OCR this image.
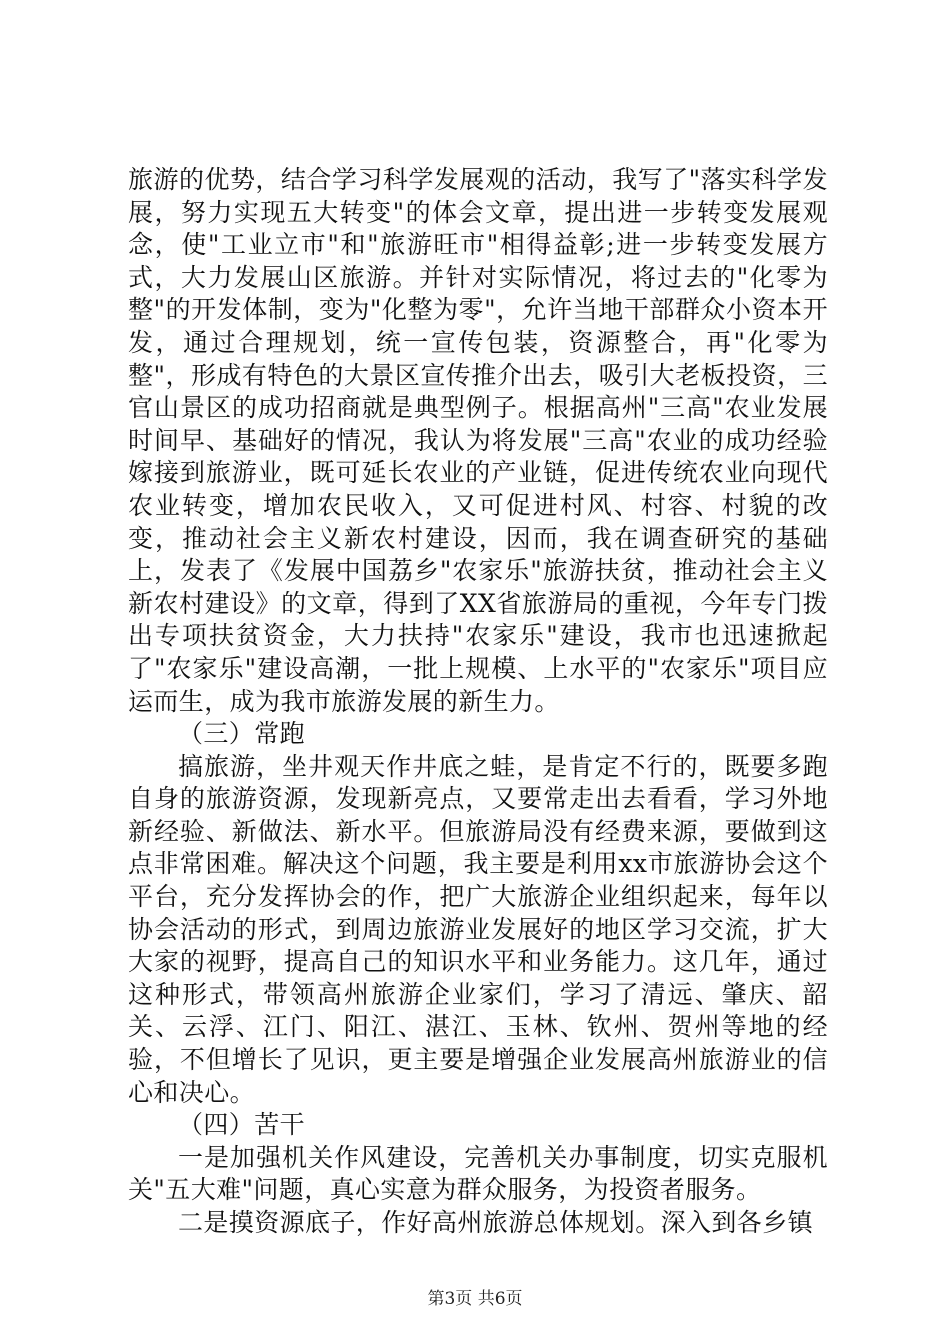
旅游的优势，结合学习科学发展观的活动，我写了"落实科学发展，努力实现五大转变"的体会文章，提出进一步转变发展观念，使"工业立市"和"旅游旺市"相得益彰;进一步转变发展方式，大力发展山区旅游。并针对实际情况，将过去的"化零为整"的开发体制，变为"化整为零"，允许当地干部群众小资本开发，通过合理规划，统一宣传包装，资源整合，再"化零为整"，形成有特色的大景区宣传推介出去，吸引大老板投资，三官山景区的成功招商就是典型例子。根据高州"三高"农业发展时间早、基础好的情况，我认为将发展"三高"农业的成功经验嫁接到旅游业，既可延长农业的产业链，促进传统农业向现代农业转变，增加农民收入，又可促进村风、村容、村貌的改变，推动社会主义新农村建设，因而，我在调查研究的基础上，发表了《发展中国荔乡"农家乐"旅游扶贫，推动社会主义新农村建设》的文章，得到了XX省旅游局的重视，今年专门拨出专项扶贫资金，大力扶持"农家乐"建设，我市也迅速掀起了"农家乐"建设高潮，一批上规模、上水平的"农家乐"项目应运而生，成为我市旅游发展的新生力。

（三）常跑

搞旅游，坐井观天作井底之蛙，是肯定不行的，既要多跑自身的旅游资源，发现新亮点，又要常走出去看看，学习外地新经验、新做法、新水平。但旅游局没有经费来源，要做到这点非常困难。解决这个问题，我主要是利用xx市旅游协会这个平台，充分发挥协会的作，把广大旅游企业组织起来，每年以协会活动的形式，到周边旅游业发展好的地区学习交流，扩大大家的视野，提高自己的知识水平和业务能力。这几年，通过这种形式，带领高州旅游企业家们，学习了清远、肇庆、韶关、云浮、江门、阳江、湛江、玉林、钦州、贺州等地的经验，不但增长了见识，更主要是增强企业发展高州旅游业的信心和决心。

（四）苦干

一是加强机关作风建设，完善机关办事制度，切实克服机关"五大难"问题，真心实意为群众服务，为投资者服务。

二是摸资源底子，作好高州旅游总体规划。深入到各乡镇

第3页 共6页
